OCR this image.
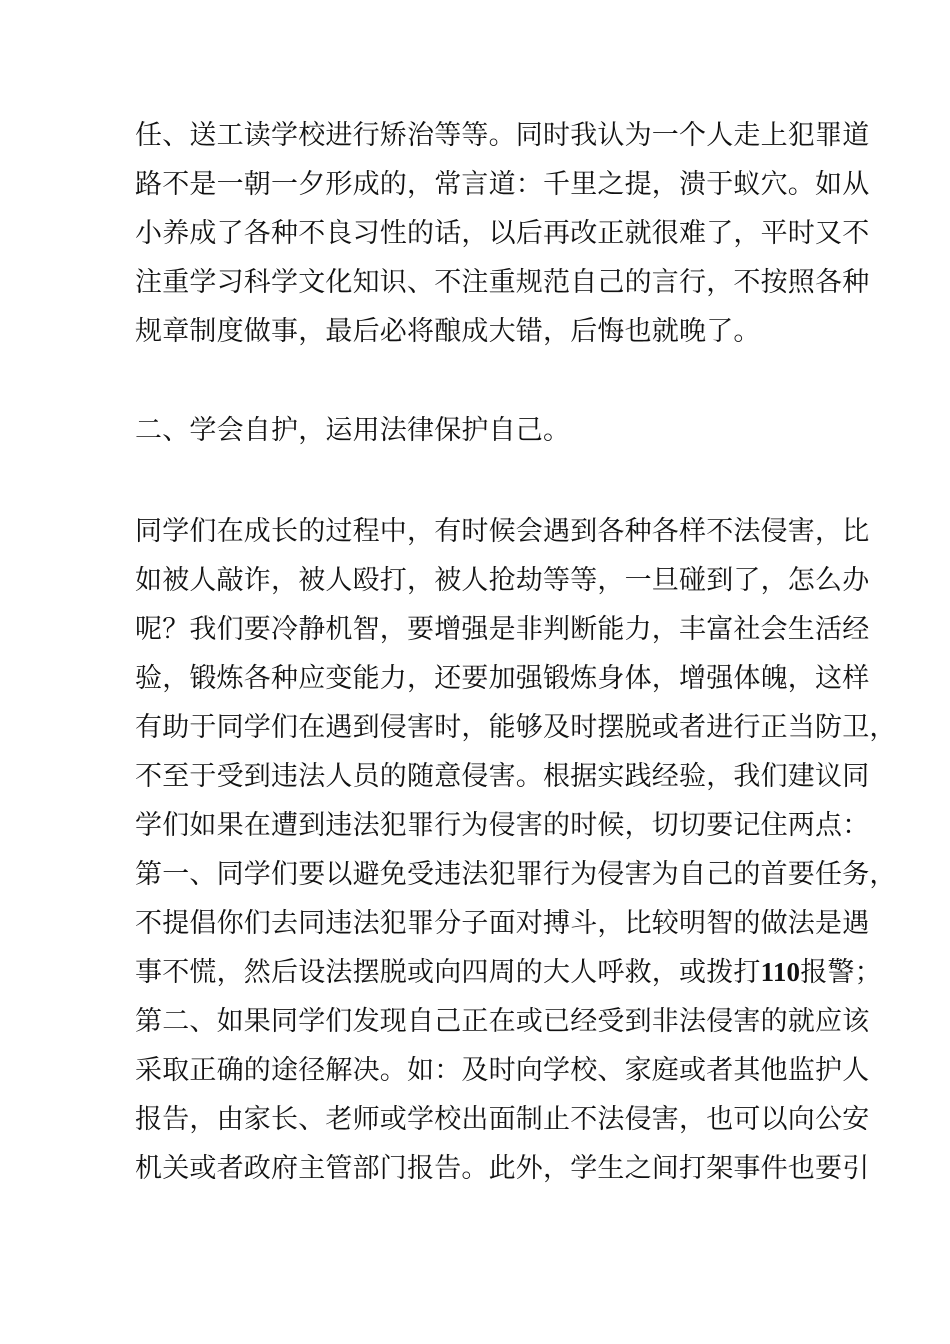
任、送工读学校进行矫治等等。同时我认为一个人走上犯罪道
路不是一朝一夕形成的，常言道：千里之提，溃于蚁穴。如从
小养成了各种不良习性的话，以后再改正就很难了，平时又不
注重学习科学文化知识、不注重规范自己的言行，不按照各种
规章制度做事，最后必将酿成大错，后悔也就晚了。
二、学会自护，运用法律保护自己。
同学们在成长的过程中，有时候会遇到各种各样不法侵害，比
如被人敲诈，被人殴打，被人抢劫等等，一旦碰到了，怎么办
呢？我们要冷静机智，要增强是非判断能力，丰富社会生活经
验，锻炼各种应变能力，还要加强锻炼身体，增强体魄，这样
有助于同学们在遇到侵害时，能够及时摆脱或者进行正当防卫，
不至于受到违法人员的随意侵害。根据实践经验，我们建议同
学们如果在遭到违法犯罪行为侵害的时候，切切要记住两点：
第一、同学们要以避免受违法犯罪行为侵害为自己的首要任务，
不提倡你们去同违法犯罪分子面对搏斗，比较明智的做法是遇
事不慌，然后设法摆脱或向四周的大人呼救，或拨打110报警；
第二、如果同学们发现自己正在或已经受到非法侵害的就应该
采取正确的途径解决。如：及时向学校、家庭或者其他监护人
报告，由家长、老师或学校出面制止不法侵害，也可以向公安
机关或者政府主管部门报告。此外，学生之间打架事件也要引
